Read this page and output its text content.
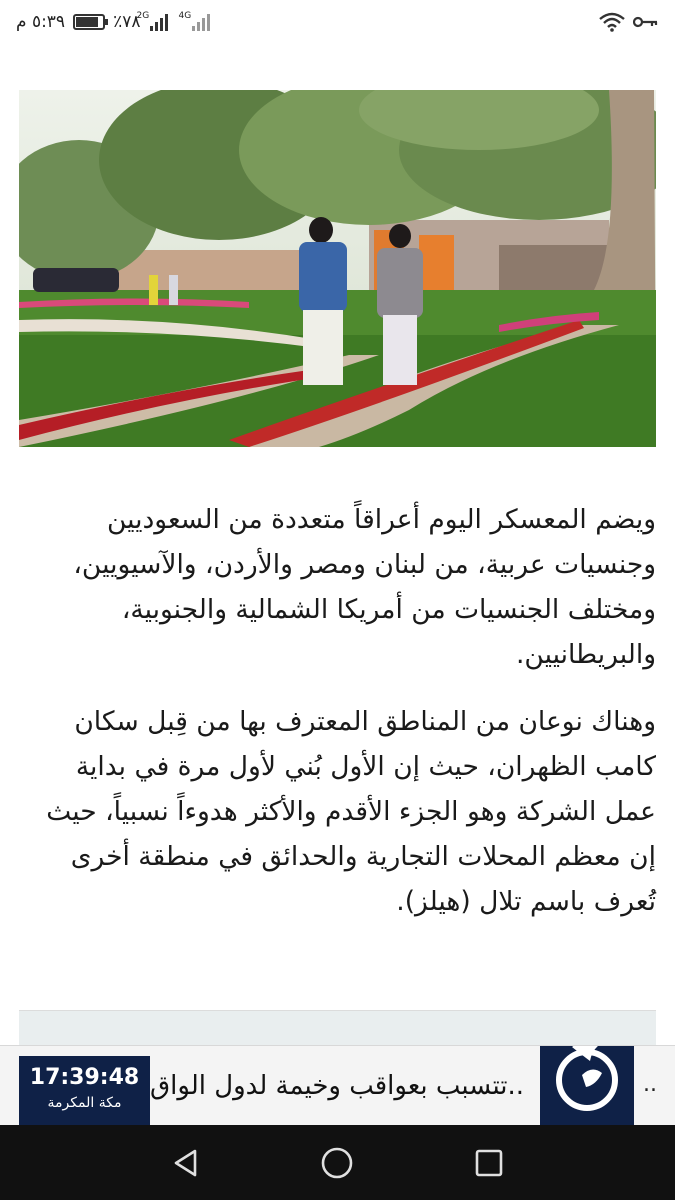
٥:٣٩ م	٪٧٨
2G	4G

ويضم المعسكر اليوم أعراقاً متعددة من السعوديين وجنسيات عربية، من لبنان ومصر والأردن، والآسيويين، ومختلف الجنسيات من أمريكا الشمالية والجنوبية، والبريطانيين.

وهناك نوعان من المناطق المعترف بها من قِبل سكان كامب الظهران، حيث إن الأول بُني لأول مرة في بداية عمل الشركة وهو الجزء الأقدم والأكثر هدوءاً نسبياً، حيث إن معظم المحلات التجارية والحدائق في منطقة أخرى تُعرف باسم تلال (هيلز).

17:39:48
مكة المكرمة
..تتسبب بعواقب وخيمة لدول الواق	..
